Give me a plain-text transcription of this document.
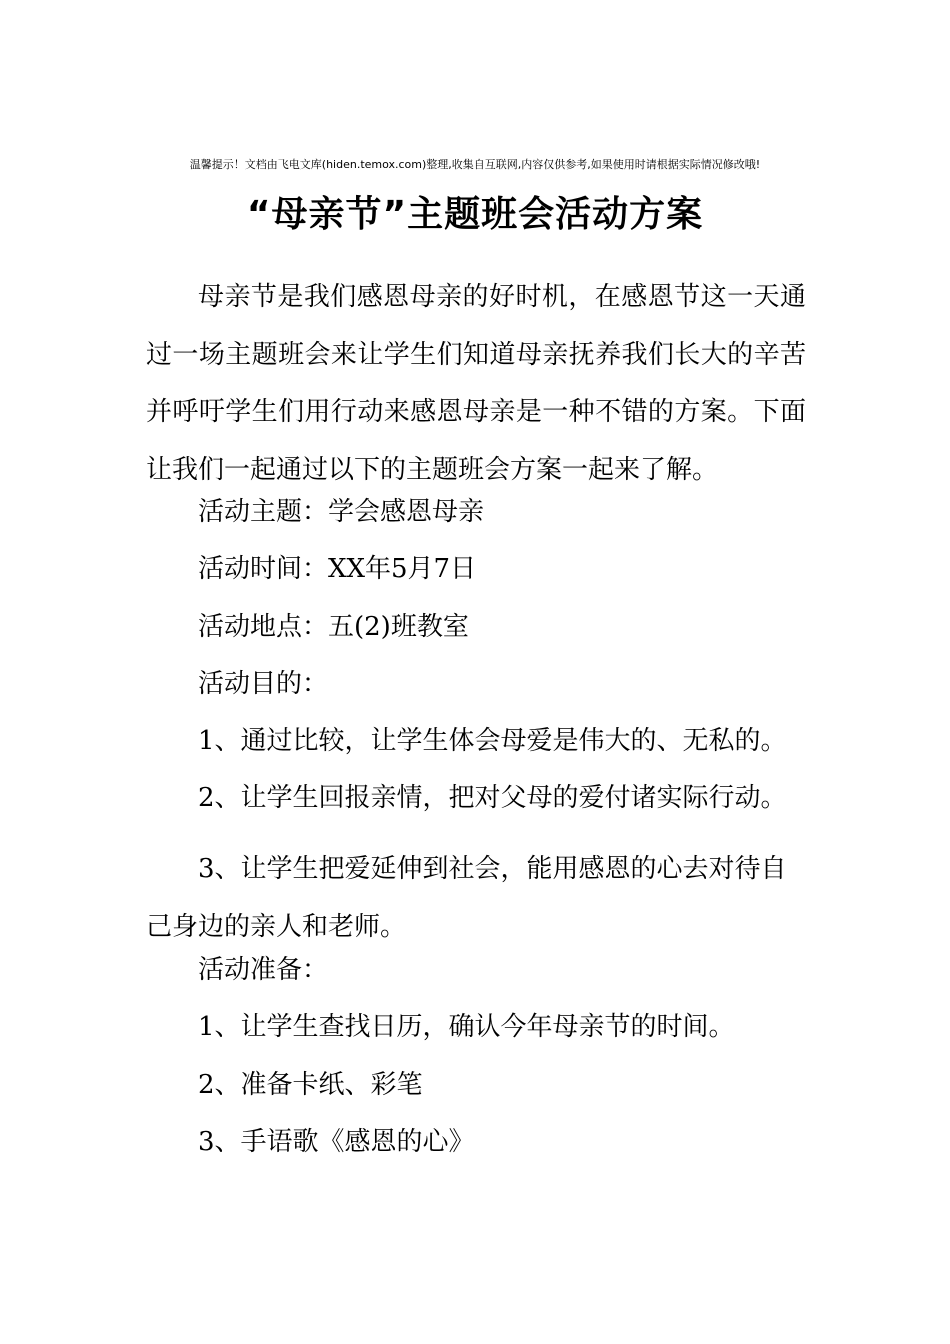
温馨提示！文档由飞电文库(hiden.temox.com)整理,收集自互联网,内容仅供参考,如果使用时请根据实际情况修改哦!
“母亲节”主题班会活动方案
母亲节是我们感恩母亲的好时机，在感恩节这一天通过一场主题班会来让学生们知道母亲抚养我们长大的辛苦并呼吁学生们用行动来感恩母亲是一种不错的方案。下面让我们一起通过以下的主题班会方案一起来了解。
活动主题：学会感恩母亲
活动时间：XX年5月7日
活动地点：五(2)班教室
活动目的：
1、通过比较，让学生体会母爱是伟大的、无私的。
2、让学生回报亲情，把对父母的爱付诸实际行动。
3、让学生把爱延伸到社会，能用感恩的心去对待自己身边的亲人和老师。
活动准备：
1、让学生查找日历，确认今年母亲节的时间。
2、准备卡纸、彩笔
3、手语歌《感恩的心》
